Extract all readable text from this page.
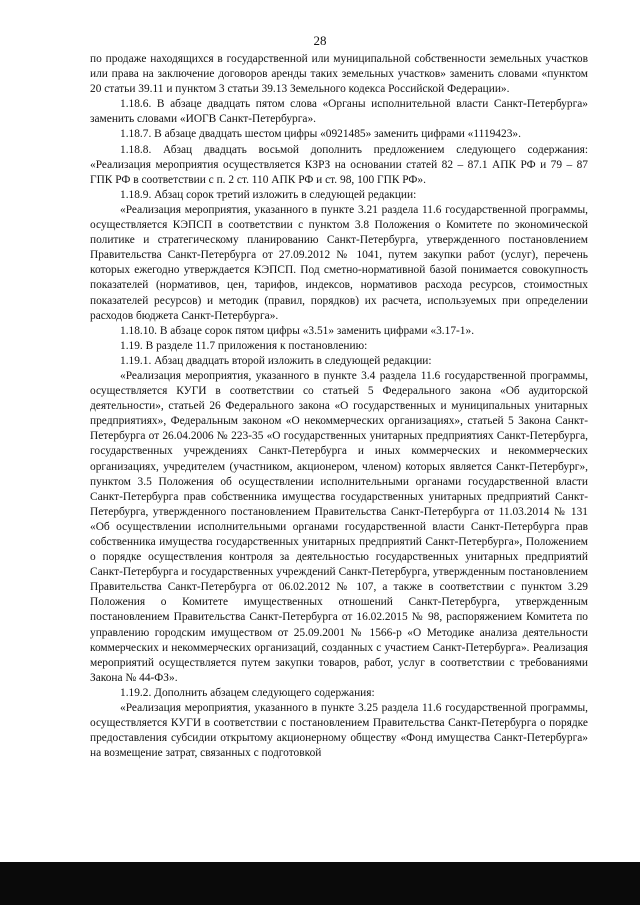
28

по продаже находящихся в государственной или муниципальной собственности земельных участков или права на заключение договоров аренды таких земельных участков» заменить словами «пунктом 20 статьи 39.11 и пунктом 3 статьи 39.13 Земельного кодекса Российской Федерации».

1.18.6. В абзаце двадцать пятом слова «Органы исполнительной власти Санкт-Петербурга» заменить словами «ИОГВ Санкт-Петербурга».

1.18.7. В абзаце двадцать шестом цифры «0921485» заменить цифрами «1119423».

1.18.8. Абзац двадцать восьмой дополнить предложением следующего содержания: «Реализация мероприятия осуществляется КЗРЗ на основании статей 82 – 87.1 АПК РФ и 79 – 87 ГПК РФ в соответствии с п. 2 ст. 110 АПК РФ и ст. 98, 100 ГПК РФ».

1.18.9. Абзац сорок третий изложить в следующей редакции:

«Реализация мероприятия, указанного в пункте 3.21 раздела 11.6 государственной программы, осуществляется КЭПСП в соответствии с пунктом 3.8 Положения о Комитете по экономической политике и стратегическому планированию Санкт-Петербурга, утвержденного постановлением Правительства Санкт-Петербурга от 27.09.2012 № 1041, путем закупки работ (услуг), перечень которых ежегодно утверждается КЭПСП. Под сметно-нормативной базой понимается совокупность показателей (нормативов, цен, тарифов, индексов, нормативов расхода ресурсов, стоимостных показателей ресурсов) и методик (правил, порядков) их расчета, используемых при определении расходов бюджета Санкт-Петербурга».

1.18.10. В абзаце сорок пятом цифры «3.51» заменить цифрами «3.17-1».

1.19. В разделе 11.7 приложения к постановлению:

1.19.1. Абзац двадцать второй изложить в следующей редакции:

«Реализация мероприятия, указанного в пункте 3.4 раздела 11.6 государственной программы, осуществляется КУГИ в соответствии со статьей 5 Федерального закона «Об аудиторской деятельности», статьей 26 Федерального закона «О государственных и муниципальных унитарных предприятиях», Федеральным законом «О некоммерческих организациях», статьей 5 Закона Санкт-Петербурга от 26.04.2006 № 223-35 «О государственных унитарных предприятиях Санкт-Петербурга, государственных учреждениях Санкт-Петербурга и иных коммерческих и некоммерческих организациях, учредителем (участником, акционером, членом) которых является Санкт-Петербург», пунктом 3.5 Положения об осуществлении исполнительными органами государственной власти Санкт-Петербурга прав собственника имущества государственных унитарных предприятий Санкт-Петербурга, утвержденного постановлением Правительства Санкт-Петербурга от 11.03.2014 № 131 «Об осуществлении исполнительными органами государственной власти Санкт-Петербурга прав собственника имущества государственных унитарных предприятий Санкт-Петербурга», Положением о порядке осуществления контроля за деятельностью государственных унитарных предприятий Санкт-Петербурга и государственных учреждений Санкт-Петербурга, утвержденным постановлением Правительства Санкт-Петербурга от 06.02.2012 № 107, а также в соответствии с пунктом 3.29 Положения о Комитете имущественных отношений Санкт-Петербурга, утвержденным постановлением Правительства Санкт-Петербурга от 16.02.2015 № 98, распоряжением Комитета по управлению городским имуществом от 25.09.2001 № 1566-р «О Методике анализа деятельности коммерческих и некоммерческих организаций, созданных с участием Санкт-Петербурга». Реализация мероприятий осуществляется путем закупки товаров, работ, услуг в соответствии с требованиями Закона № 44-ФЗ».

1.19.2. Дополнить абзацем следующего содержания:

«Реализация мероприятия, указанного в пункте 3.25 раздела 11.6 государственной программы, осуществляется КУГИ в соответствии с постановлением Правительства Санкт-Петербурга о порядке предоставления субсидии открытому акционерному обществу «Фонд имущества Санкт-Петербурга» на возмещение затрат, связанных с подготовкой
